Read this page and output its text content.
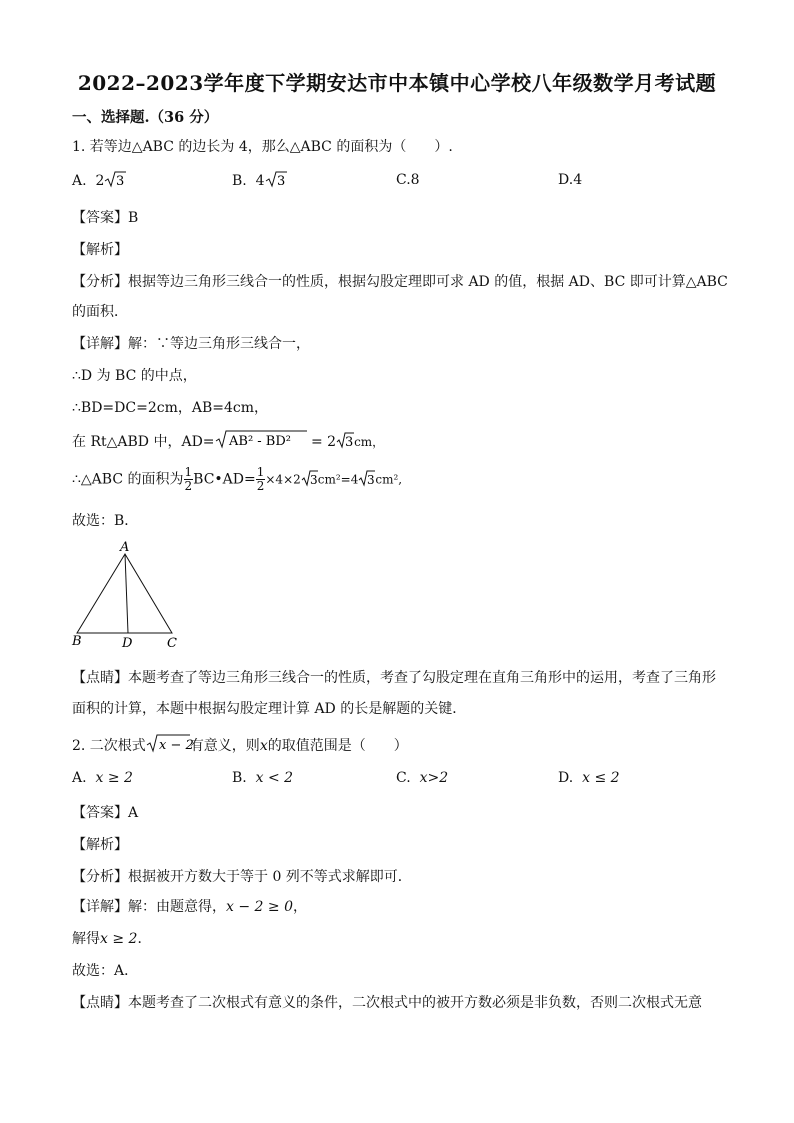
2022–2023学年度下学期安达市中本镇中心学校八年级数学月考试题
一、选择题.（36 分）
1. 若等边△ABC 的边长为 4，那么△ABC 的面积为（　　）.
A. 2 3	B. 4 3	C.8	D.4
【答案】B
【解析】
【分析】根据等边三角形三线合一的性质，根据勾股定理即可求 AD 的值，根据 AD、BC 即可计算△ABC
的面积．
【详解】解：∵等边三角形三线合一，
∴D 为 BC 的中点，
∴BD=DC=2cm，AB=4cm，
在 Rt△ABD 中，AD= AB² - BD² = 2 3 cm，
∴△ABC 的面积为 $\frac{1}{2}$ BC•AD= $\frac{1}{2} \times 4\times 2$ 3 cm²=4 3 cm²,
故选：B．
A
B	D	C
【点睛】本题考查了等边三角形三线合一的性质，考查了勾股定理在直角三角形中的运用，考查了三角形
面积的计算，本题中根据勾股定理计算 AD 的长是解题的关键．
2. 二次根式 x − 2
有意义，则x的取值范围是（　　）
A. x ≥ 2	B. x < 2	C. x>2	D. x ≤ 2
【答案】A
【解析】
【分析】根据被开方数大于等于 0 列不等式求解即可．
【详解】解：由题意得，x − 2 ≥ 0，
解得x ≥ 2．
故选：A．
【点睛】本题考查了二次根式有意义的条件，二次根式中的被开方数必须是非负数，否则二次根式无意
